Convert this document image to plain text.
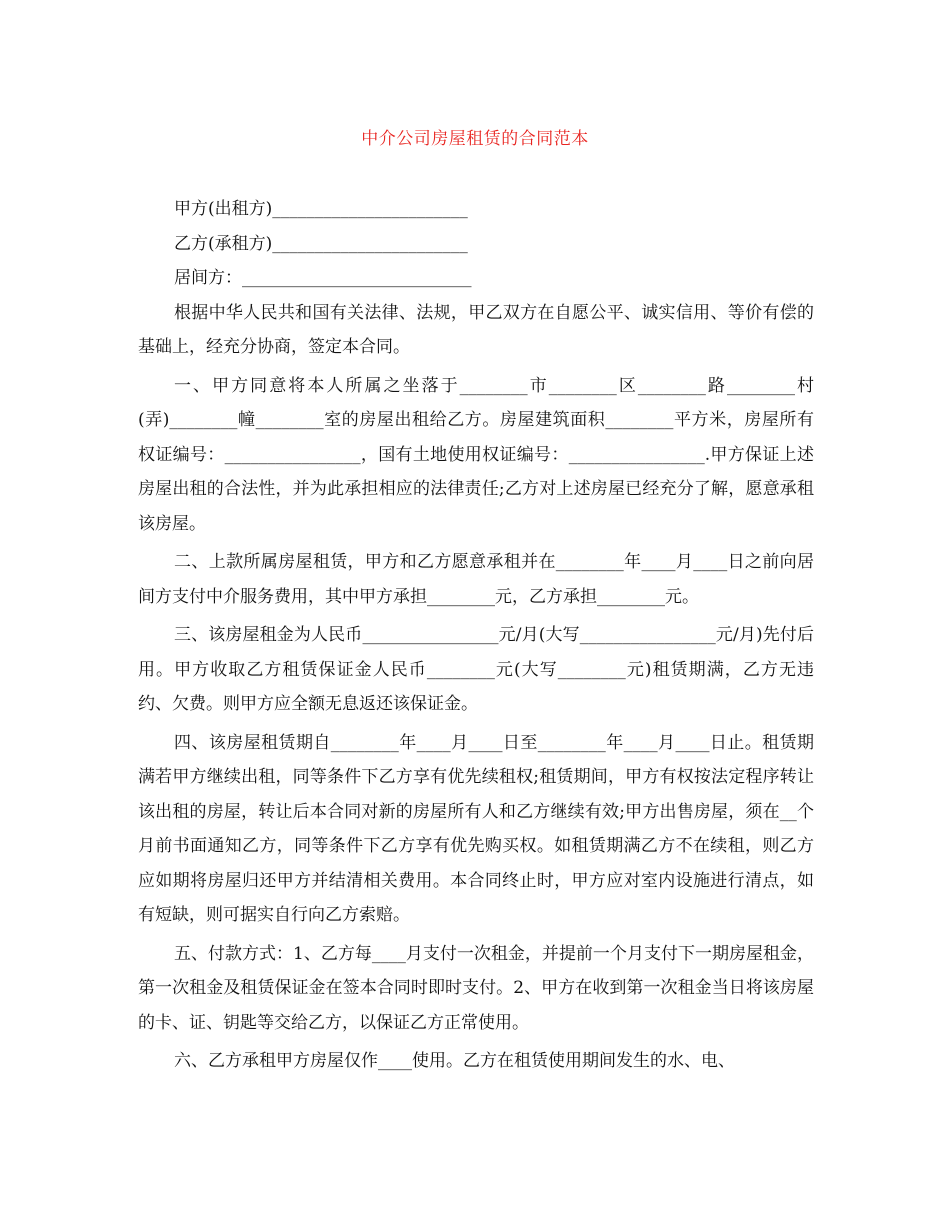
中介公司房屋租赁的合同范本

甲方(出租方)_______________________

乙方(承租方)_______________________

居间方：___________________________

根据中华人民共和国有关法律、法规，甲乙双方在自愿公平、诚实信用、等价有偿的基础上，经充分协商，签定本合同。

一、甲方同意将本人所属之坐落于________市________区________路________村(弄)________幢________室的房屋出租给乙方。房屋建筑面积________平方米，房屋所有权证编号：________________，国有土地使用权证编号：________________.甲方保证上述房屋出租的合法性，并为此承担相应的法律责任;乙方对上述房屋已经充分了解，愿意承租该房屋。

二、上款所属房屋租赁，甲方和乙方愿意承租并在________年____月____日之前向居间方支付中介服务费用，其中甲方承担________元，乙方承担________元。

三、该房屋租金为人民币________________元/月(大写________________元/月)先付后用。甲方收取乙方租赁保证金人民币________元(大写________元)租赁期满，乙方无违约、欠费。则甲方应全额无息返还该保证金。

四、该房屋租赁期自________年____月____日至________年____月____日止。租赁期满若甲方继续出租，同等条件下乙方享有优先续租权;租赁期间，甲方有权按法定程序转让该出租的房屋，转让后本合同对新的房屋所有人和乙方继续有效;甲方出售房屋，须在__个月前书面通知乙方，同等条件下乙方享有优先购买权。如租赁期满乙方不在续租，则乙方应如期将房屋归还甲方并结清相关费用。本合同终止时，甲方应对室内设施进行清点，如有短缺，则可据实自行向乙方索赔。

五、付款方式：1、乙方每____月支付一次租金，并提前一个月支付下一期房屋租金，第一次租金及租赁保证金在签本合同时即时支付。2、甲方在收到第一次租金当日将该房屋的卡、证、钥匙等交给乙方，以保证乙方正常使用。

六、乙方承租甲方房屋仅作____使用。乙方在租赁使用期间发生的水、电、
